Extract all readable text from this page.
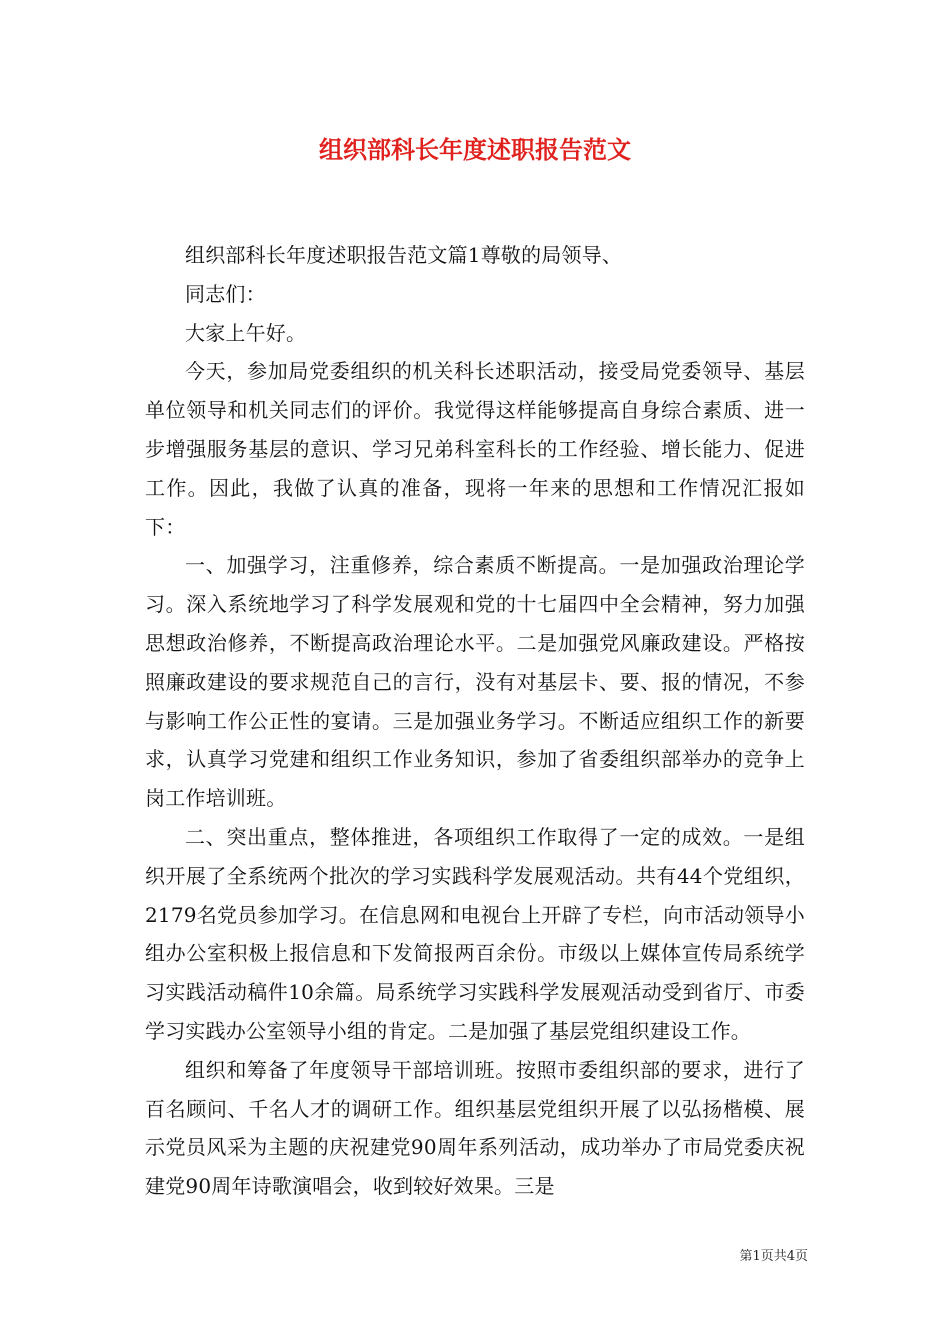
组织部科长年度述职报告范文

组织部科长年度述职报告范文篇1尊敬的局领导、

同志们：

大家上午好。

今天，参加局党委组织的机关科长述职活动，接受局党委领导、基层单位领导和机关同志们的评价。我觉得这样能够提高自身综合素质、进一步增强服务基层的意识、学习兄弟科室科长的工作经验、增长能力、促进工作。因此，我做了认真的准备，现将一年来的思想和工作情况汇报如下：

一、加强学习，注重修养，综合素质不断提高。一是加强政治理论学习。深入系统地学习了科学发展观和党的十七届四中全会精神，努力加强思想政治修养，不断提高政治理论水平。二是加强党风廉政建设。严格按照廉政建设的要求规范自己的言行，没有对基层卡、要、报的情况，不参与影响工作公正性的宴请。三是加强业务学习。不断适应组织工作的新要求，认真学习党建和组织工作业务知识，参加了省委组织部举办的竞争上岗工作培训班。

二、突出重点，整体推进，各项组织工作取得了一定的成效。一是组织开展了全系统两个批次的学习实践科学发展观活动。共有44个党组织，2179名党员参加学习。在信息网和电视台上开辟了专栏，向市活动领导小组办公室积极上报信息和下发简报两百余份。市级以上媒体宣传局系统学习实践活动稿件10余篇。局系统学习实践科学发展观活动受到省厅、市委学习实践办公室领导小组的肯定。二是加强了基层党组织建设工作。

组织和筹备了年度领导干部培训班。按照市委组织部的要求，进行了百名顾问、千名人才的调研工作。组织基层党组织开展了以弘扬楷模、展示党员风采为主题的庆祝建党90周年系列活动，成功举办了市局党委庆祝建党90周年诗歌演唱会，收到较好效果。三是

第1页共4页
